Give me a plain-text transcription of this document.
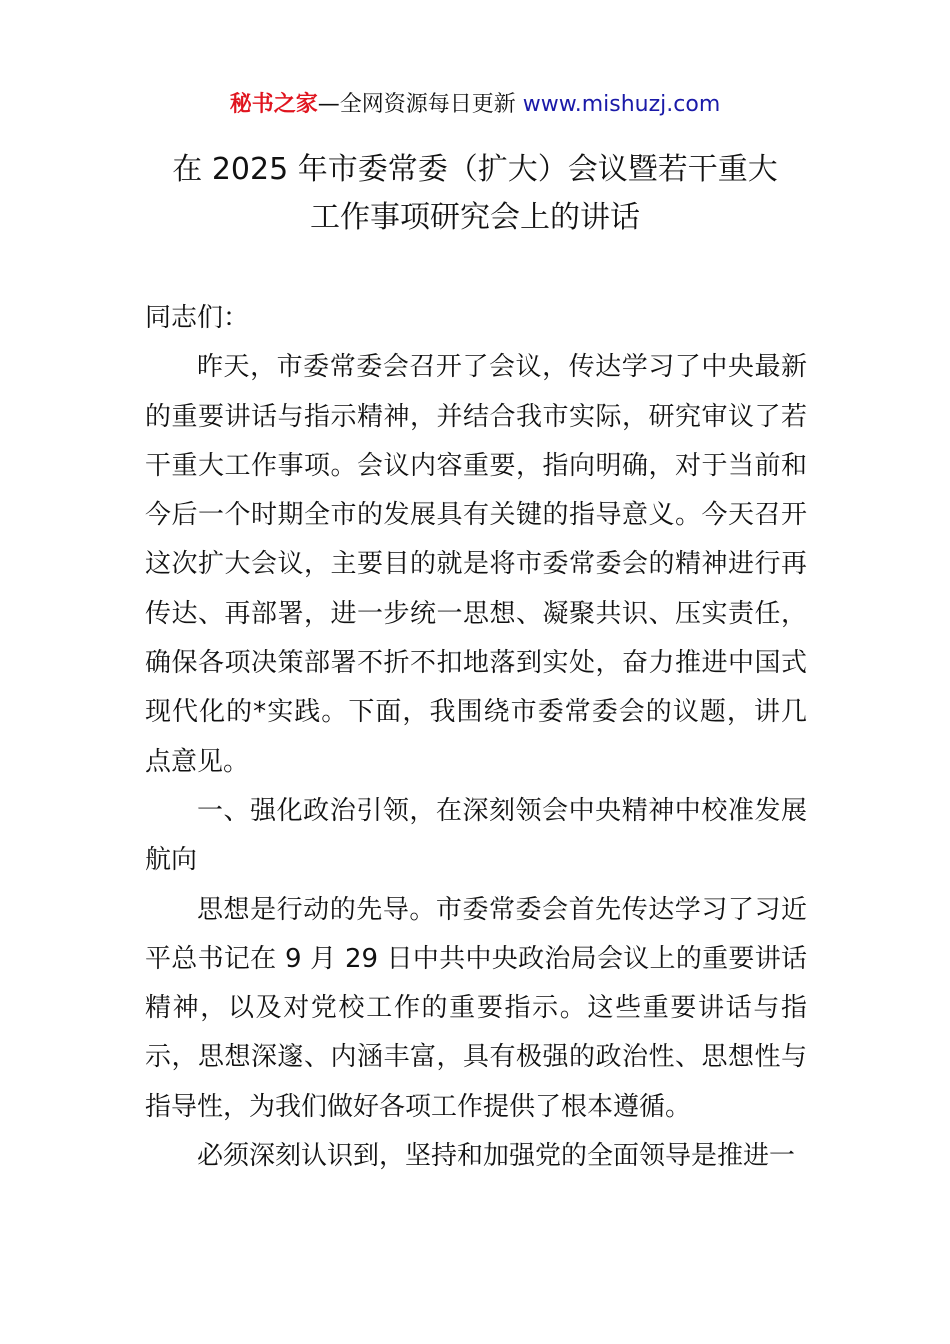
秘书之家—全网资源每日更新 www.mishuzj.com
在 2025 年市委常委（扩大）会议暨若干重大
工作事项研究会上的讲话

同志们：

昨天，市委常委会召开了会议，传达学习了中央最新的重要讲话与指示精神，并结合我市实际，研究审议了若干重大工作事项。会议内容重要，指向明确，对于当前和今后一个时期全市的发展具有关键的指导意义。今天召开这次扩大会议，主要目的就是将市委常委会的精神进行再传达、再部署，进一步统一思想、凝聚共识、压实责任，确保各项决策部署不折不扣地落到实处，奋力推进中国式现代化的*实践。下面，我围绕市委常委会的议题，讲几点意见。

一、强化政治引领，在深刻领会中央精神中校准发展航向

思想是行动的先导。市委常委会首先传达学习了习近平总书记在 9 月 29 日中共中央政治局会议上的重要讲话精神，以及对党校工作的重要指示。这些重要讲话与指示，思想深邃、内涵丰富，具有极强的政治性、思想性与指导性，为我们做好各项工作提供了根本遵循。

必须深刻认识到，坚持和加强党的全面领导是推进一
